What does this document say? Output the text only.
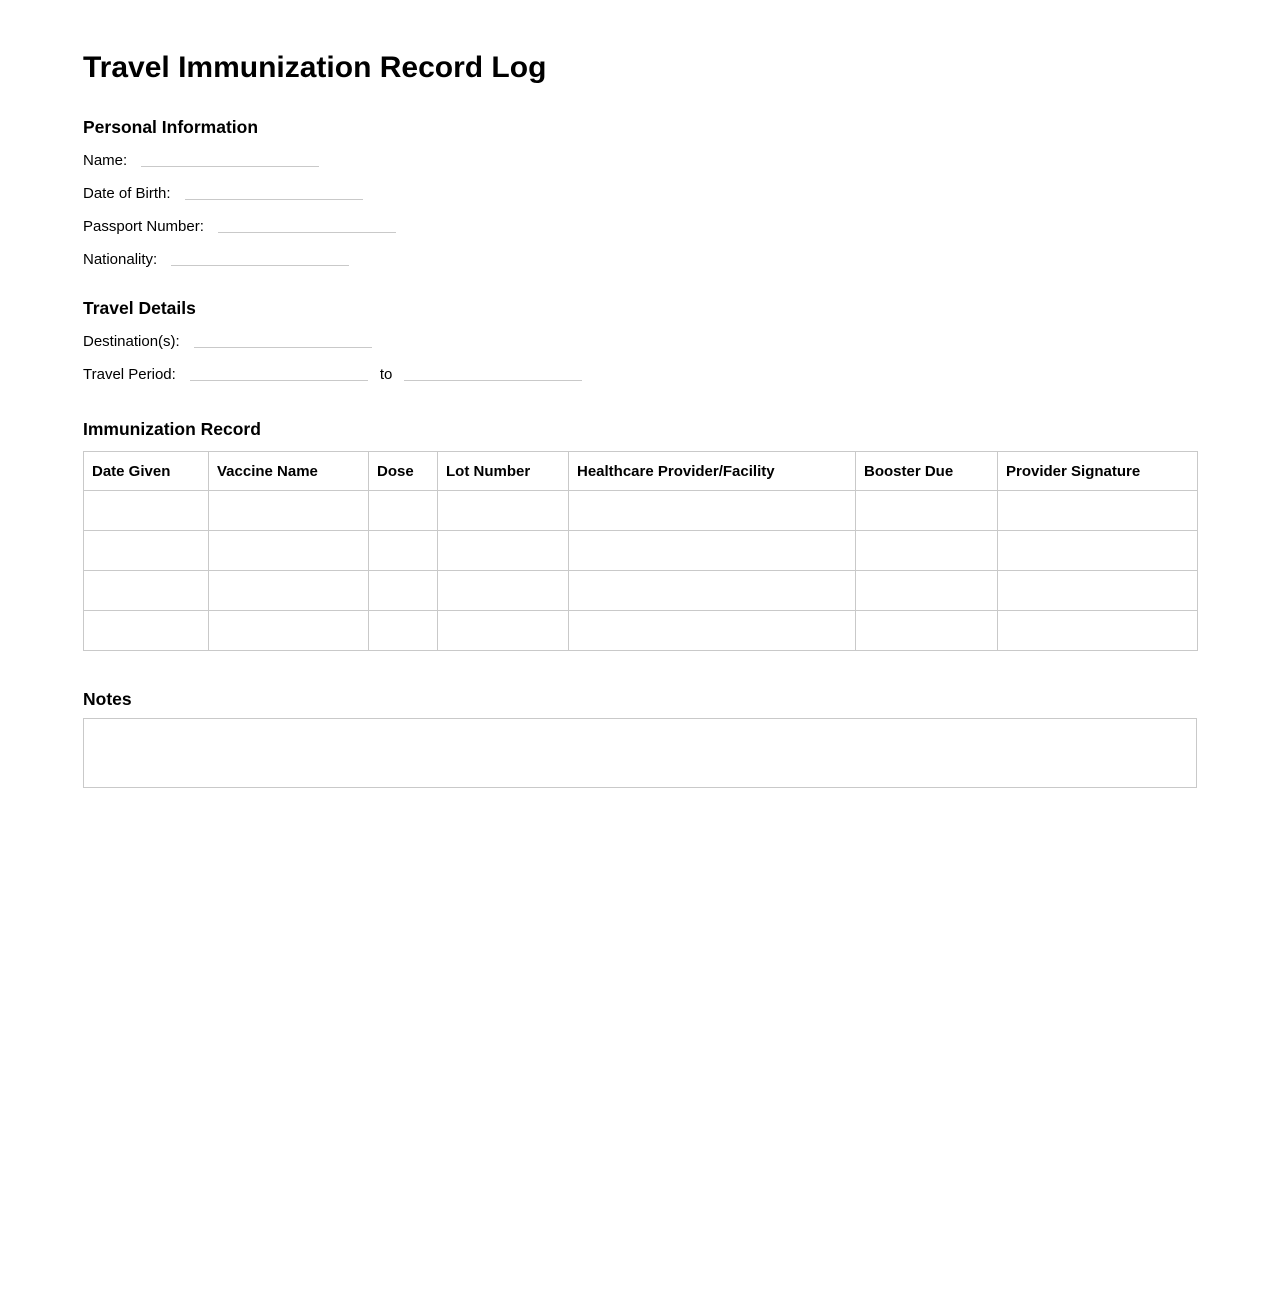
Travel Immunization Record Log
Personal Information

Name:

Date of Birth:

Passport Number:

Nationality:

Travel Details

Destination(s):

Travel Period:	to

Immunization Record
Date Given	Vaccine Name	Dose	Lot Number	Healthcare Provider/Facility	Booster Due	Provider Signature

Notes
